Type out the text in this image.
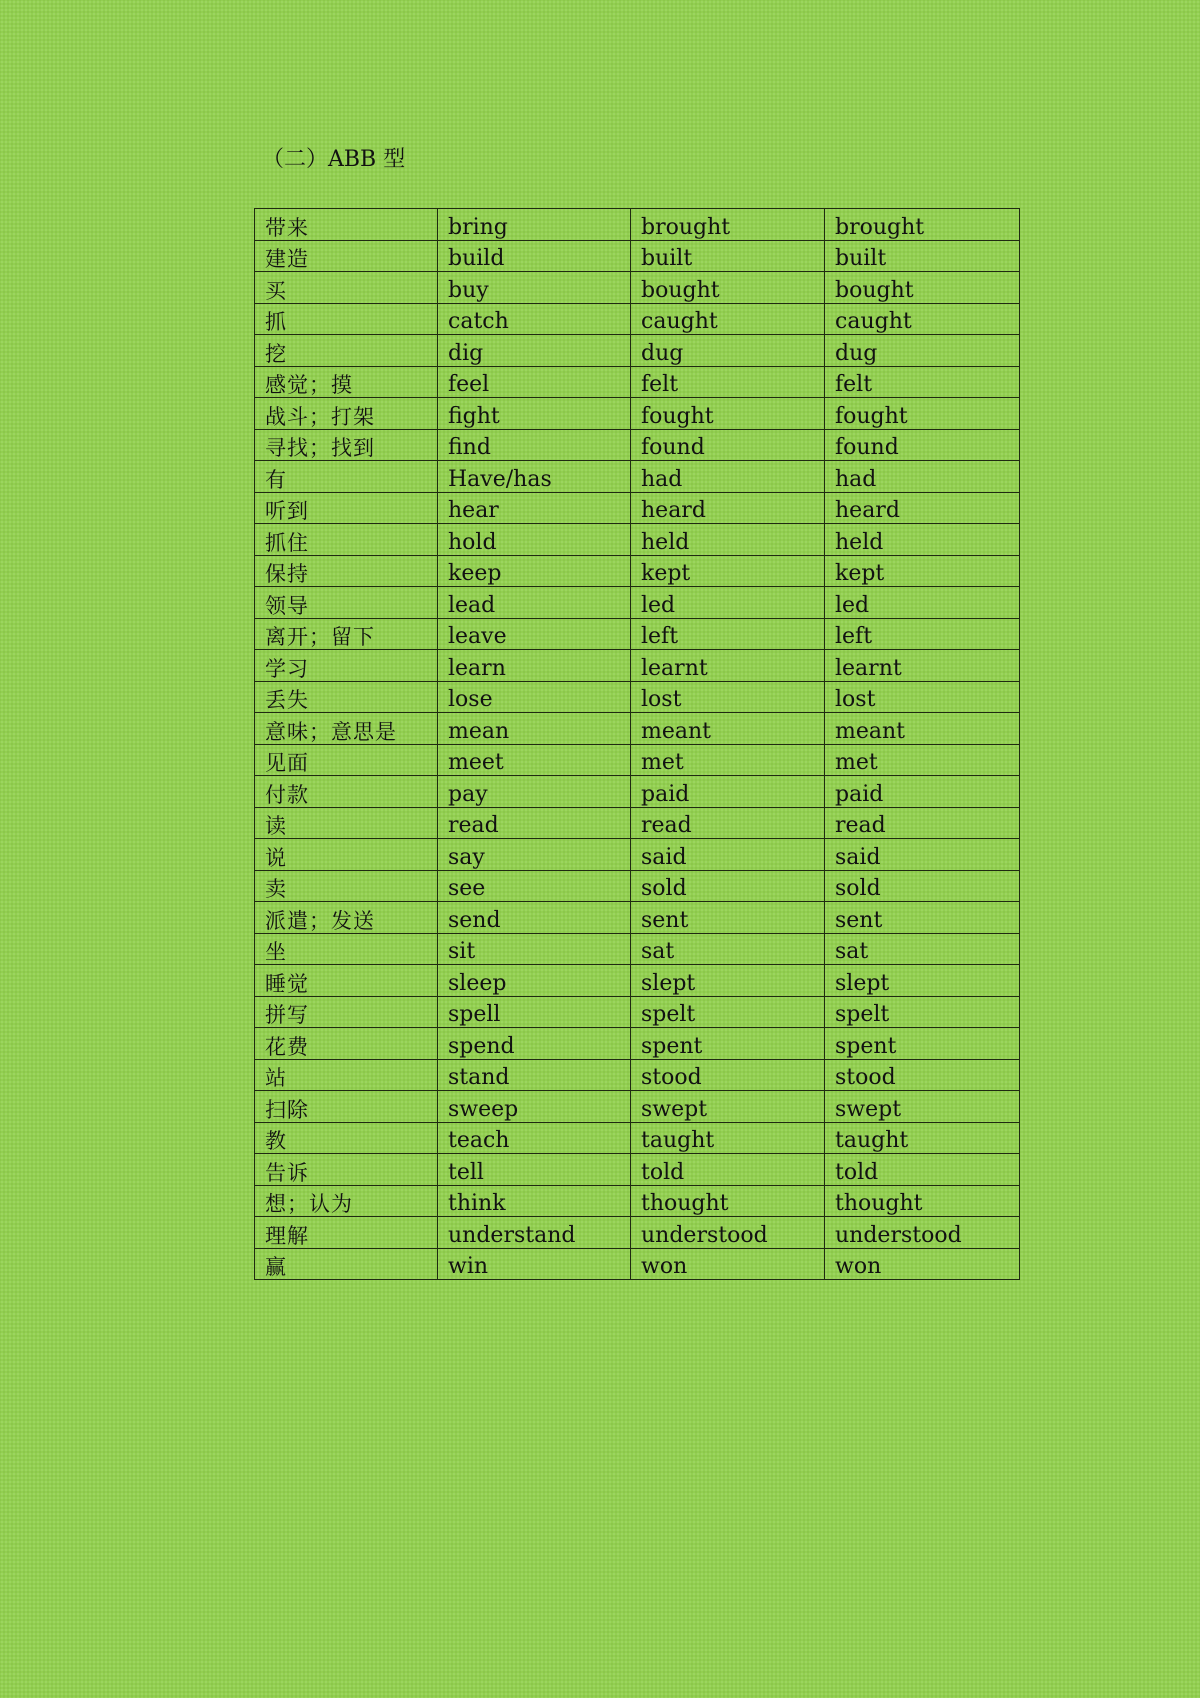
（二）ABB 型
带来	bring	brought	brought
建造	build	built	built
买	buy	bought	bought
抓	catch	caught	caught
挖	dig	dug	dug
感觉；摸	feel	felt	felt
战斗；打架	fight	fought	fought
寻找；找到	find	found	found
有	Have/has	had	had
听到	hear	heard	heard
抓住	hold	held	held
保持	keep	kept	kept
领导	lead	led	led
离开；留下	leave	left	left
学习	learn	learnt	learnt
丢失	lose	lost	lost
意味；意思是	mean	meant	meant
见面	meet	met	met
付款	pay	paid	paid
读	read	read	read
说	say	said	said
卖	see	sold	sold
派遣；发送	send	sent	sent
坐	sit	sat	sat
睡觉	sleep	slept	slept
拼写	spell	spelt	spelt
花费	spend	spent	spent
站	stand	stood	stood
扫除	sweep	swept	swept
教	teach	taught	taught
告诉	tell	told	told
想；认为	think	thought	thought
理解	understand	understood	understood
赢	win	won	won
